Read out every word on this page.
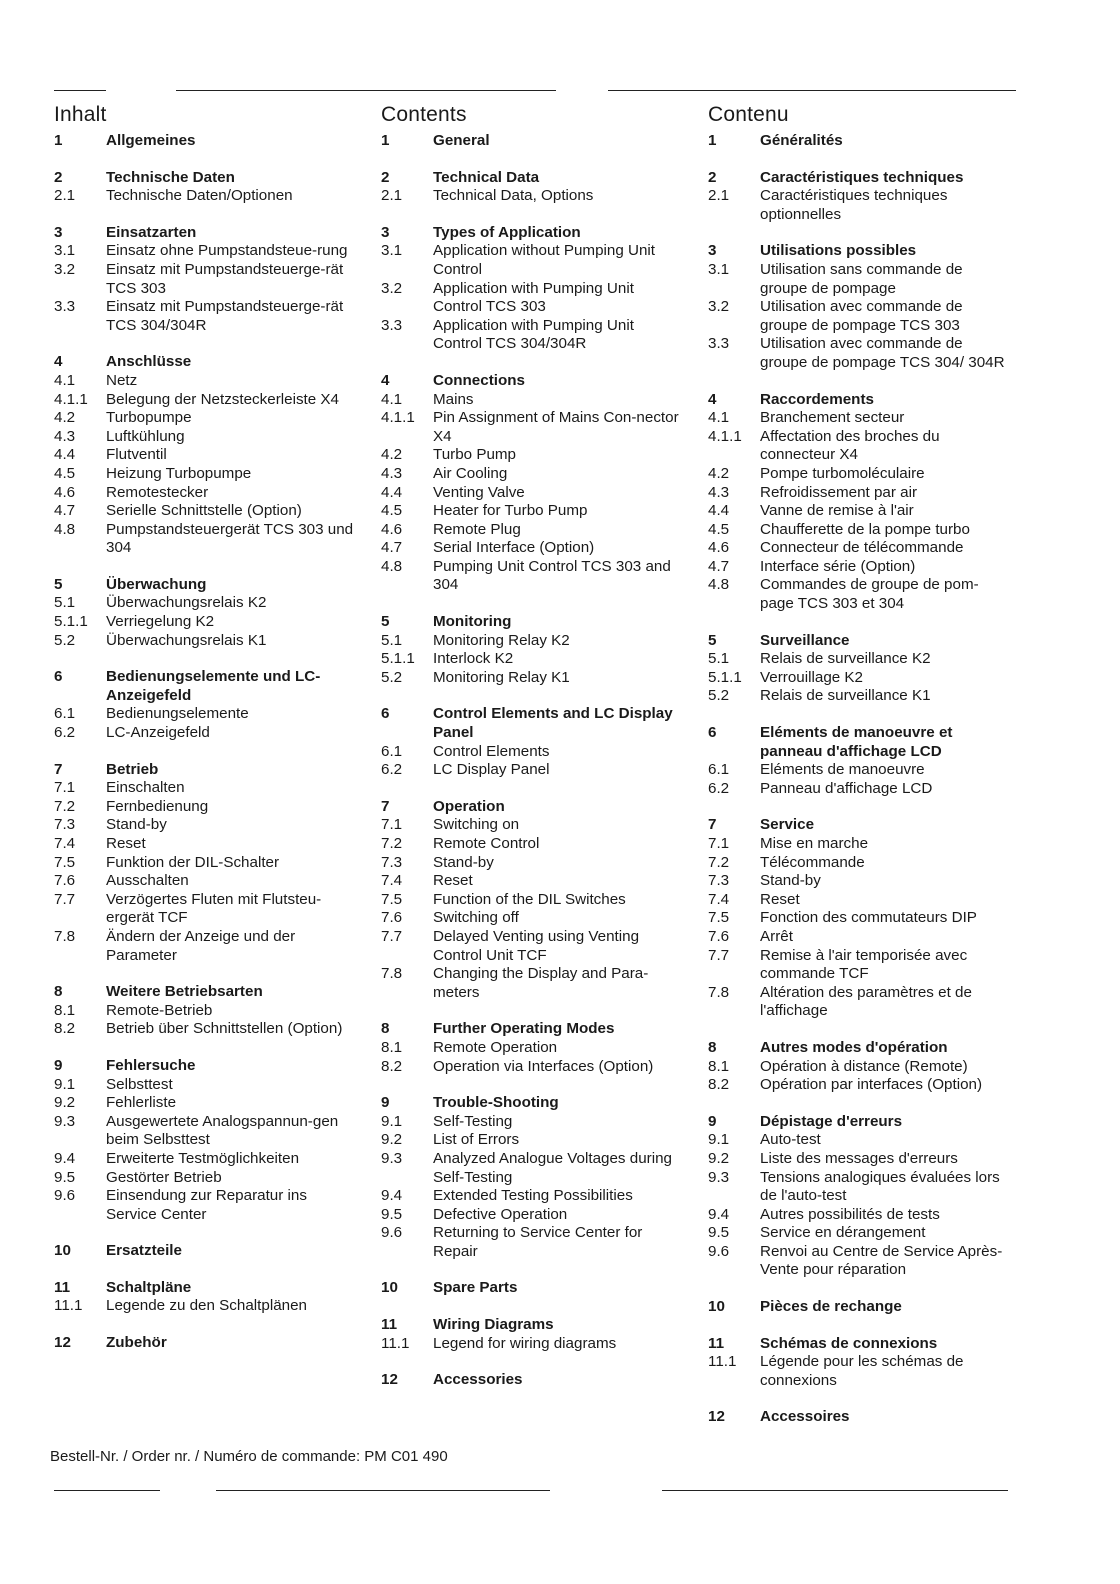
Inhalt
1	Allgemeines
2	Technische Daten
2.1	Technische Daten/Optionen
3	Einsatzarten
3.1	Einsatz ohne Pumpstandsteue-rung
3.2	Einsatz mit Pumpstandsteuerge-rät TCS 303
3.3	Einsatz mit Pumpstandsteuerge-rät TCS 304/304R
4	Anschlüsse
4.1	Netz
4.1.1	Belegung der Netzsteckerleiste X4
4.2	Turbopumpe
4.3	Luftkühlung
4.4	Flutventil
4.5	Heizung Turbopumpe
4.6	Remotestecker
4.7	Serielle Schnittstelle (Option)
4.8	Pumpstandsteuergerät TCS 303 und 304
5	Überwachung
5.1	Überwachungsrelais K2
5.1.1	Verriegelung K2
5.2	Überwachungsrelais K1
6	Bedienungselemente und LC-Anzeigefeld
6.1	Bedienungselemente
6.2	LC-Anzeigefeld
7	Betrieb
7.1	Einschalten
7.2	Fernbedienung
7.3	Stand-by
7.4	Reset
7.5	Funktion der DIL-Schalter
7.6	Ausschalten
7.7	Verzögertes Fluten mit Flutsteu-ergerät TCF
7.8	Ändern der Anzeige und der Parameter
8	Weitere Betriebsarten
8.1	Remote-Betrieb
8.2	Betrieb über Schnittstellen (Option)
9	Fehlersuche
9.1	Selbsttest
9.2	Fehlerliste
9.3	Ausgewertete Analogspannun-gen beim Selbsttest
9.4	Erweiterte Testmöglichkeiten
9.5	Gestörter Betrieb
9.6	Einsendung zur Reparatur ins Service Center
10	Ersatzteile
11	Schaltpläne
11.1	Legende zu den Schaltplänen
12	Zubehör
Contents
1	General
2	Technical Data
2.1	Technical Data, Options
3	Types of Application
3.1	Application without Pumping Unit Control
3.2	Application with Pumping Unit Control TCS 303
3.3	Application with Pumping Unit Control TCS 304/304R
4	Connections
4.1	Mains
4.1.1	Pin Assignment of Mains Con-nector X4
4.2	Turbo Pump
4.3	Air Cooling
4.4	Venting Valve
4.5	Heater for Turbo Pump
4.6	Remote Plug
4.7	Serial Interface (Option)
4.8	Pumping Unit Control TCS 303 and 304
5	Monitoring
5.1	Monitoring Relay K2
5.1.1	Interlock K2
5.2	Monitoring Relay K1
6	Control Elements and LC Display Panel
6.1	Control Elements
6.2	LC Display Panel
7	Operation
7.1	Switching on
7.2	Remote Control
7.3	Stand-by
7.4	Reset
7.5	Function of the DIL Switches
7.6	Switching off
7.7	Delayed Venting using Venting Control Unit TCF
7.8	Changing the Display and Para-meters
8	Further Operating Modes
8.1	Remote Operation
8.2	Operation via Interfaces (Option)
9	Trouble-Shooting
9.1	Self-Testing
9.2	List of Errors
9.3	Analyzed Analogue Voltages during Self-Testing
9.4	Extended Testing Possibilities
9.5	Defective Operation
9.6	Returning to Service Center for Repair
10	Spare Parts
11	Wiring Diagrams
11.1	Legend for wiring diagrams
12	Accessories
Contenu
1	Généralités
2	Caractéristiques techniques
2.1	Caractéristiques techniques optionnelles
3	Utilisations possibles
3.1	Utilisation sans commande de groupe de pompage
3.2	Utilisation avec commande de groupe de pompage TCS 303
3.3	Utilisation avec commande de groupe de pompage TCS 304/ 304R
4	Raccordements
4.1	Branchement secteur
4.1.1	Affectation des broches du connecteur X4
4.2	Pompe turbomoléculaire
4.3	Refroidissement par air
4.4	Vanne de remise à l'air
4.5	Chaufferette de la pompe turbo
4.6	Connecteur de télécommande
4.7	Interface série (Option)
4.8	Commandes de groupe de pom-page TCS 303 et 304
5	Surveillance
5.1	Relais de surveillance K2
5.1.1	Verrouillage K2
5.2	Relais de surveillance K1
6	Eléments de manoeuvre et panneau d'affichage LCD
6.1	Eléments de manoeuvre
6.2	Panneau d'affichage LCD
7	Service
7.1	Mise en marche
7.2	Télécommande
7.3	Stand-by
7.4	Reset
7.5	Fonction des commutateurs DIP
7.6	Arrêt
7.7	Remise à l'air temporisée avec commande TCF
7.8	Altération des paramètres et de l'affichage
8	Autres modes d'opération
8.1	Opération à distance (Remote)
8.2	Opération par interfaces (Option)
9	Dépistage d'erreurs
9.1	Auto-test
9.2	Liste des messages d'erreurs
9.3	Tensions analogiques évaluées lors de l'auto-test
9.4	Autres possibilités de tests
9.5	Service en dérangement
9.6	Renvoi au Centre de Service Après-Vente pour réparation
10	Pièces de rechange
11	Schémas de connexions
11.1	Légende pour les schémas de connexions
12	Accessoires
Bestell-Nr. / Order nr. / Numéro de commande: PM C01 490
